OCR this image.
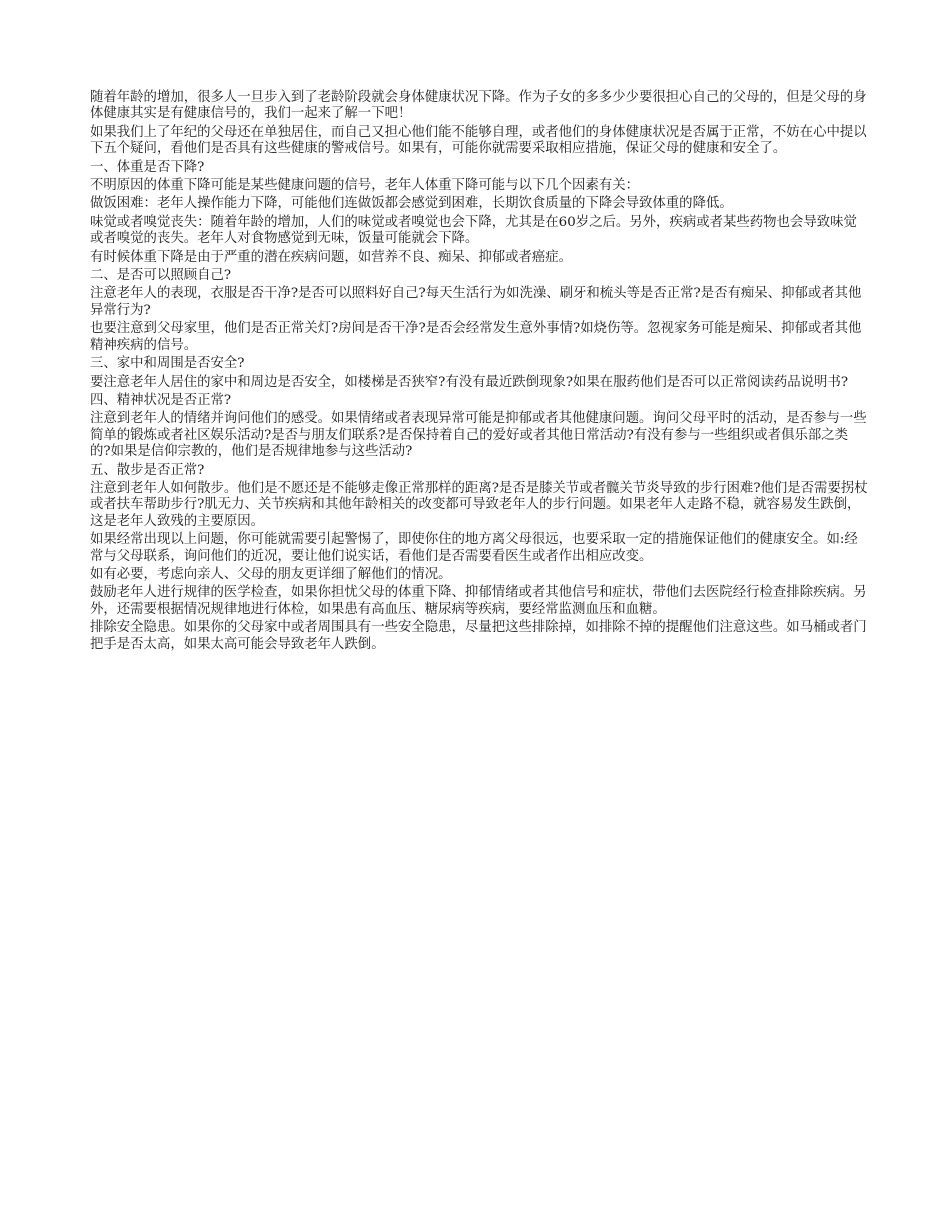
随着年龄的增加，很多人一旦步入到了老龄阶段就会身体健康状况下降。作为子女的多多少少要很担心自己的父母的，但是父母的身体健康其实是有健康信号的，我们一起来了解一下吧！

如果我们上了年纪的父母还在单独居住，而自己又担心他们能不能够自理，或者他们的身体健康状况是否属于正常，不妨在心中提以下五个疑问，看他们是否具有这些健康的警戒信号。如果有，可能你就需要采取相应措施，保证父母的健康和安全了。

一、体重是否下降?

不明原因的体重下降可能是某些健康问题的信号，老年人体重下降可能与以下几个因素有关：

做饭困难：老年人操作能力下降，可能他们连做饭都会感觉到困难，长期饮食质量的下降会导致体重的降低。

味觉或者嗅觉丧失：随着年龄的增加，人们的味觉或者嗅觉也会下降，尤其是在60岁之后。另外，疾病或者某些药物也会导致味觉或者嗅觉的丧失。老年人对食物感觉到无味，饭量可能就会下降。

有时候体重下降是由于严重的潜在疾病问题，如营养不良、痴呆、抑郁或者癌症。

二、是否可以照顾自己?

注意老年人的表现，衣服是否干净?是否可以照料好自己?每天生活行为如洗澡、刷牙和梳头等是否正常?是否有痴呆、抑郁或者其他异常行为?

也要注意到父母家里，他们是否正常关灯?房间是否干净?是否会经常发生意外事情?如烧伤等。忽视家务可能是痴呆、抑郁或者其他精神疾病的信号。

三、家中和周围是否安全?

要注意老年人居住的家中和周边是否安全，如楼梯是否狭窄?有没有最近跌倒现象?如果在服药他们是否可以正常阅读药品说明书?

四、精神状况是否正常?

注意到老年人的情绪并询问他们的感受。如果情绪或者表现异常可能是抑郁或者其他健康问题。询问父母平时的活动，是否参与一些简单的锻炼或者社区娱乐活动?是否与朋友们联系?是否保持着自己的爱好或者其他日常活动?有没有参与一些组织或者俱乐部之类的?如果是信仰宗教的，他们是否规律地参与这些活动?

五、散步是否正常?

注意到老年人如何散步。他们是不愿还是不能够走像正常那样的距离?是否是膝关节或者髋关节炎导致的步行困难?他们是否需要拐杖或者扶车帮助步行?肌无力、关节疾病和其他年龄相关的改变都可导致老年人的步行问题。如果老年人走路不稳，就容易发生跌倒，这是老年人致残的主要原因。

如果经常出现以上问题，你可能就需要引起警惕了，即使你住的地方离父母很远，也要采取一定的措施保证他们的健康安全。如:经常与父母联系，询问他们的近况，要让他们说实话，看他们是否需要看医生或者作出相应改变。

如有必要，考虑向亲人、父母的朋友更详细了解他们的情况。

鼓励老年人进行规律的医学检查，如果你担忧父母的体重下降、抑郁情绪或者其他信号和症状，带他们去医院经行检查排除疾病。另外，还需要根据情况规律地进行体检，如果患有高血压、糖尿病等疾病，要经常监测血压和血糖。

排除安全隐患。如果你的父母家中或者周围具有一些安全隐患，尽量把这些排除掉，如排除不掉的提醒他们注意这些。如马桶或者门把手是否太高，如果太高可能会导致老年人跌倒。
